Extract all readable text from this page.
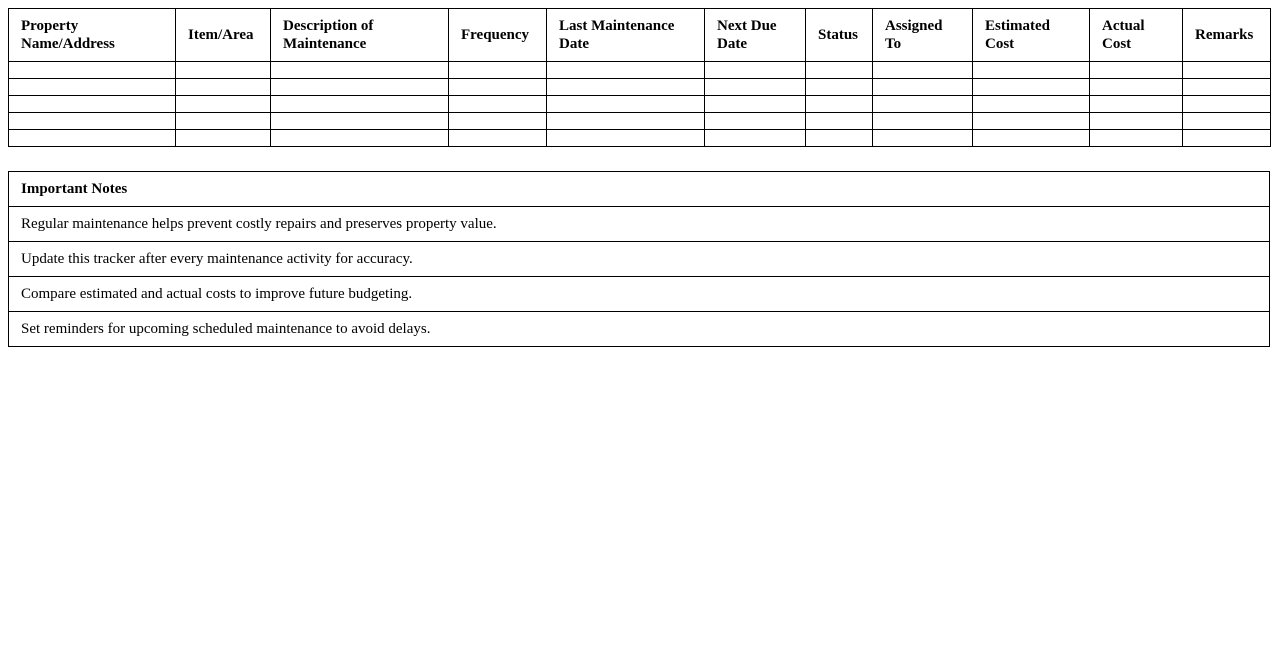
Property Name/Address	Item/Area	Description of Maintenance	Frequency	Last Maintenance Date	Next Due Date	Status	Assigned To	Estimated Cost	Actual Cost	Remarks

Important Notes
Regular maintenance helps prevent costly repairs and preserves property value.
Update this tracker after every maintenance activity for accuracy.
Compare estimated and actual costs to improve future budgeting.
Set reminders for upcoming scheduled maintenance to avoid delays.
